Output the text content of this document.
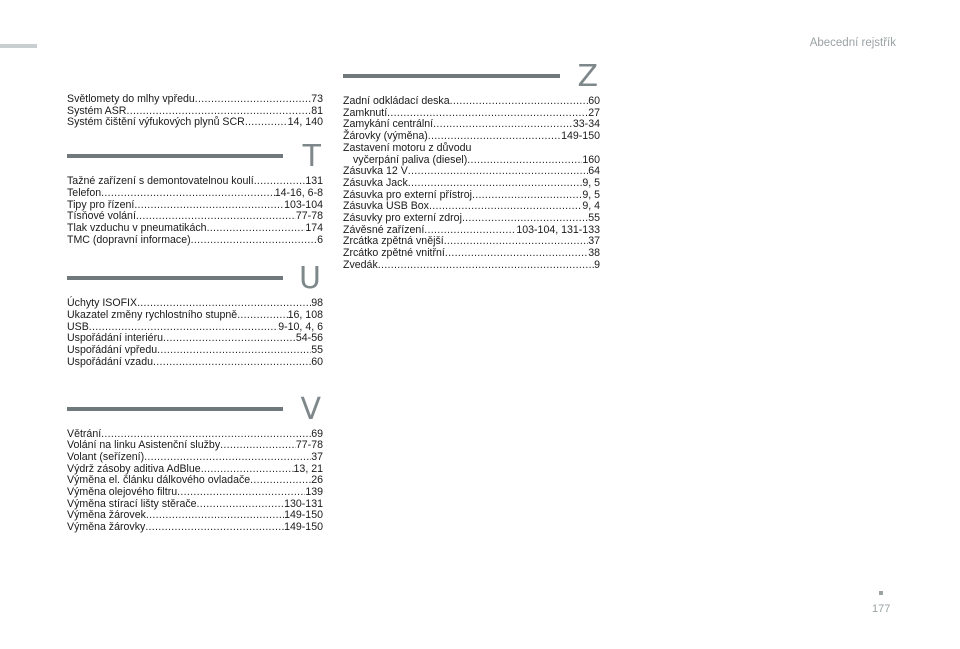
Abecední rejstřík
Světlomety do mlhy vpředu .....	73
Systém ASR .....	81
Systém čištění výfukových plynů SCR .....	14, 140
T
Tažné zařízení s demontovatelnou koulí .....	131
Telefon .....	14-16, 6-8
Tipy pro řízení .....	103-104
Tísňové volání .....	77-78
Tlak vzduchu v pneumatikách .....	174
TMC (dopravní informace) .....	6
U
Úchyty ISOFIX .....	98
Ukazatel změny rychlostního stupně .....	16, 108
USB .....	9-10, 4, 6
Uspořádání interiéru .....	54-56
Uspořádání vpředu .....	55
Uspořádání vzadu .....	60
V
Větrání .....	69
Volání na linku Asistenční služby .....	77-78
Volant (seřízení) .....	37
Výdrž zásoby aditiva AdBlue .....	13, 21
Výměna el. článku dálkového ovladače .....	26
Výměna olejového filtru .....	139
Výměna stírací lišty stěrače .....	130-131
Výměna žárovek .....	149-150
Výměna žárovky .....	149-150
Z
Zadní odkládací deska .....	60
Zamknutí .....	27
Zamykání centrální .....	33-34
Žárovky (výměna) .....	149-150
Zastavení motoru z důvodu
vyčerpání paliva (diesel) .....	160
Zásuvka 12 V .....	64
Zásuvka Jack .....	9, 5
Zásuvka pro externí přístroj .....	9, 5
Zásuvka USB Box .....	9, 4
Zásuvky pro externí zdroj .....	55
Závěsné zařízení .....	103-104, 131-133
Zrcátka zpětná vnější .....	37
Zrcátko zpětné vnitřní .....	38
Zvedák .....	9
177
